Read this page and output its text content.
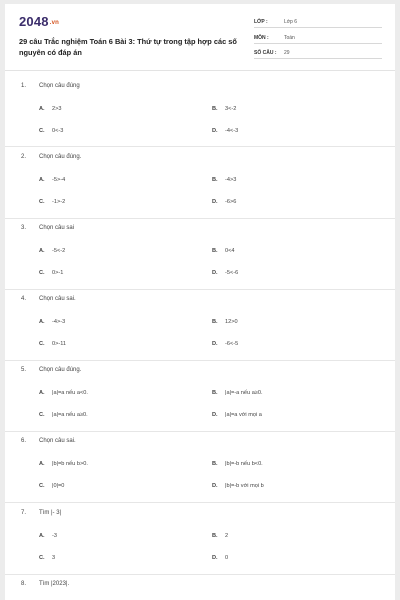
2048.vn
29 câu Trắc nghiệm Toán 6 Bài 3: Thứ tự trong tập hợp các số nguyên có đáp án
LỚP :	Lớp 6
MÔN :	Toán
SỐ CÂU : 29
1. Chọn câu đúng
A. 2>3	B. 3<-2
C. 0<-3	D. -4<-3
2. Chọn câu đúng.
A. -5>-4	B. -4>3
C. -1>-2	D. -6>6
3. Chọn câu sai
A. -5<-2	B. 0<4
C. 0>-1	D. -5<-6
4. Chọn câu sai.
A. -4>-3	B. 12>0
C. 0>-11	D. -6<-5
5. Chọn câu đúng.
A. |a|=a nếu a<0.	B. |a|=-a nếu a≥0.
C. |a|=a nếu a≥0.	D. |a|=a với mọi a
6. Chọn câu sai.
A. |b|=b nếu b>0.	B. |b|=-b nếu b<0.
C. |0|=0	D. |b|=-b với mọi b
7. Tìm |- 3|
A. -3	B. 2
C. 3	D. 0
8. Tìm |2023|.
